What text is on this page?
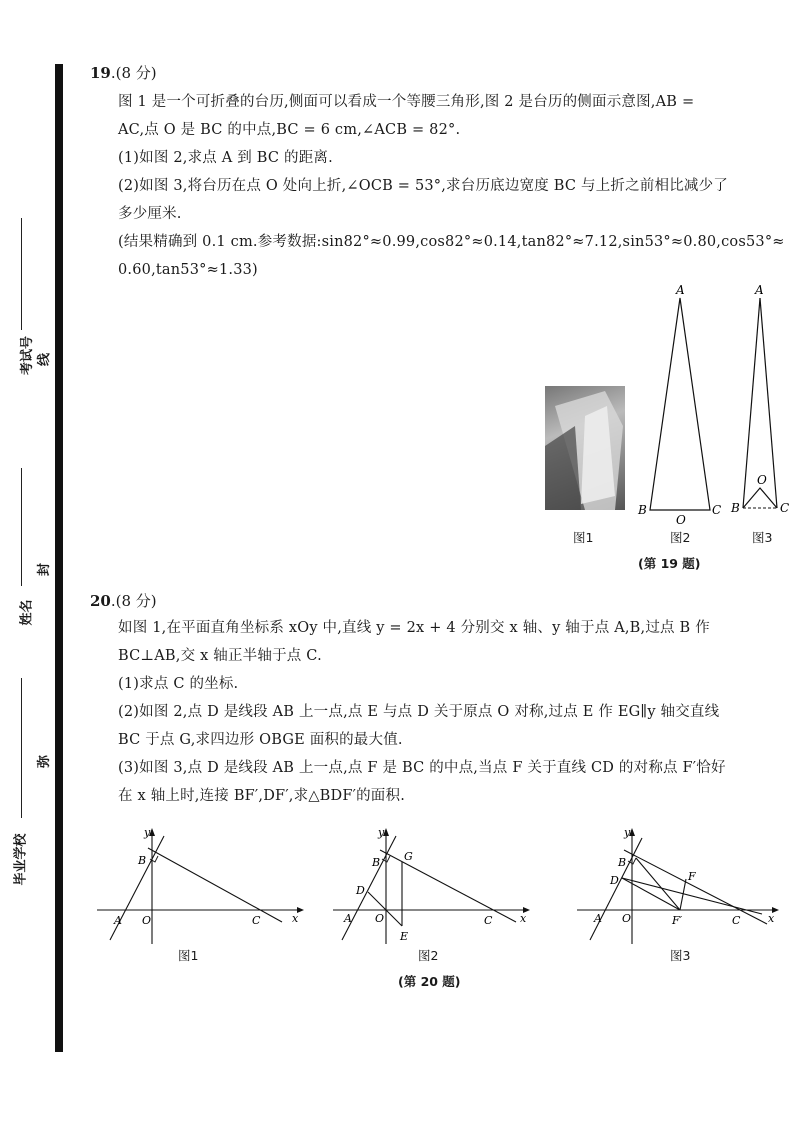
考试号 线
姓名
封
毕业学校
弥
19.(8 分)

图 1 是一个可折叠的台历,侧面可以看成一个等腰三角形,图 2 是台历的侧面示意图,AB =

AC,点 O 是 BC 的中点,BC = 6 cm,∠ACB = 82°.

(1)如图 2,求点 A 到 BC 的距离.

(2)如图 3,将台历在点 O 处向上折,∠OCB = 53°,求台历底边宽度 BC 与上折之前相比减少了

多少厘米.

(结果精确到 0.1 cm.参考数据:sin82°≈0.99,cos82°≈0.14,tan82°≈7.12,sin53°≈0.80,cos53°≈

0.60,tan53°≈1.33)

图1
A
B	C
O
图2
A
B	C
O
图3
(第 19 题)
20.(8 分)

如图 1,在平面直角坐标系 xOy 中,直线 y = 2x + 4 分别交 x 轴、y 轴于点 A,B,过点 B 作

BC⊥AB,交 x 轴正半轴于点 C.

(1)求点 C 的坐标.

(2)如图 2,点 D 是线段 AB 上一点,点 E 与点 D 关于原点 O 对称,过点 E 作 EG∥y 轴交直线

BC 于点 G,求四边形 OBGE 面积的最大值.

(3)如图 3,点 D 是线段 AB 上一点,点 F 是 BC 的中点,当点 F 关于直线 CD 的对称点 F′恰好

在 x 轴上时,连接 BF′,DF′,求△BDF′的面积.

y
x
B
A O	C
图1
y
x
B G
D
A O
E
C
图2
y
x
B
D	F
A O	F′	C
图3
(第 20 题)
